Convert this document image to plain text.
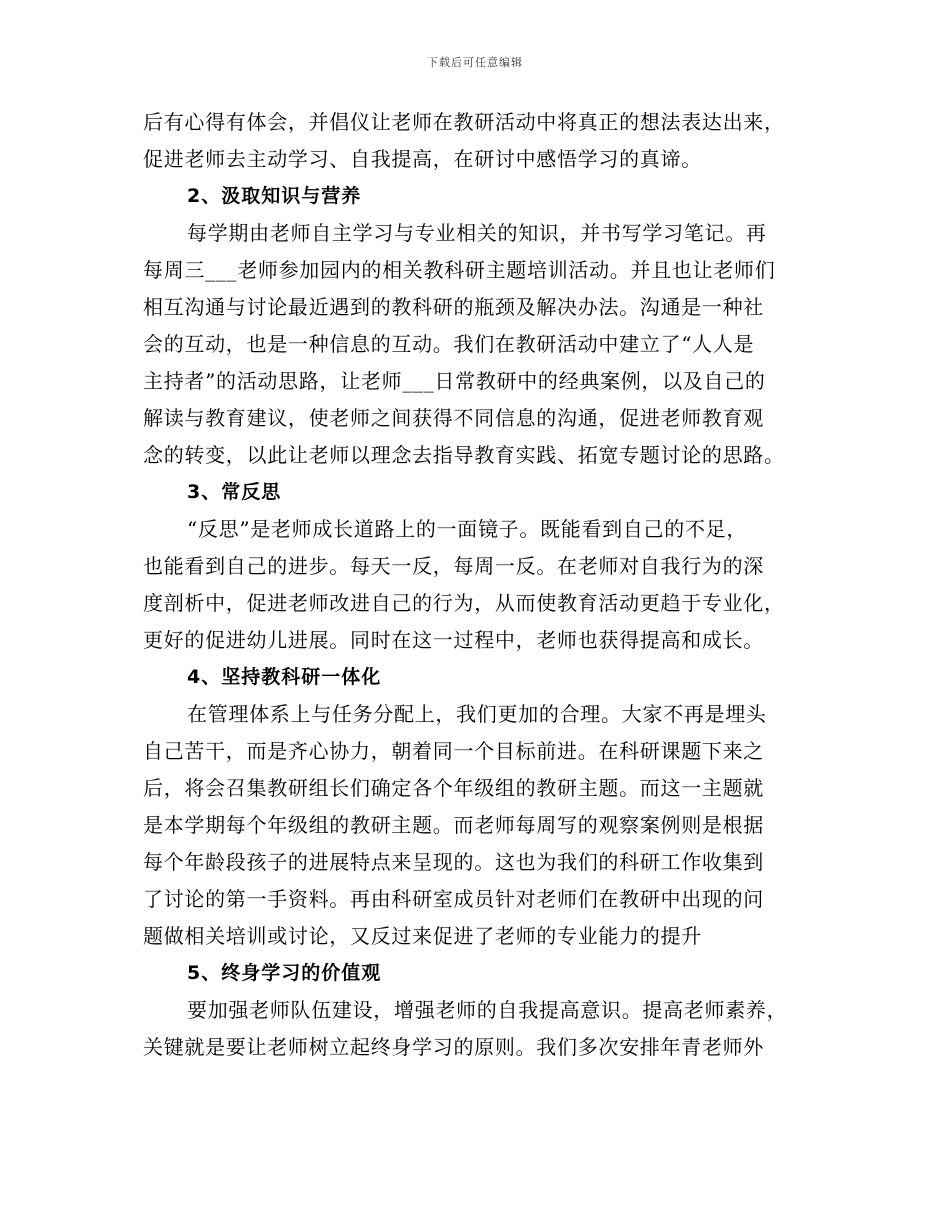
下载后可任意编辑
后有心得有体会，并倡仪让老师在教研活动中将真正的想法表达出来，
促进老师去主动学习、自我提高，在研讨中感悟学习的真谛。
2、汲取知识与营养
每学期由老师自主学习与专业相关的知识，并书写学习笔记。再
每周三___老师参加园内的相关教科研主题培训活动。并且也让老师们
相互沟通与讨论最近遇到的教科研的瓶颈及解决办法。沟通是一种社
会的互动，也是一种信息的互动。我们在教研活动中建立了“人人是
主持者”的活动思路，让老师___日常教研中的经典案例，以及自己的
解读与教育建议，使老师之间获得不同信息的沟通，促进老师教育观
念的转变，以此让老师以理念去指导教育实践、拓宽专题讨论的思路。
3、常反思
“反思”是老师成长道路上的一面镜子。既能看到自己的不足，
也能看到自己的进步。每天一反，每周一反。在老师对自我行为的深
度剖析中，促进老师改进自己的行为，从而使教育活动更趋于专业化，
更好的促进幼儿进展。同时在这一过程中，老师也获得提高和成长。
4、坚持教科研一体化
在管理体系上与任务分配上，我们更加的合理。大家不再是埋头
自己苦干，而是齐心协力，朝着同一个目标前进。在科研课题下来之
后，将会召集教研组长们确定各个年级组的教研主题。而这一主题就
是本学期每个年级组的教研主题。而老师每周写的观察案例则是根据
每个年龄段孩子的进展特点来呈现的。这也为我们的科研工作收集到
了讨论的第一手资料。再由科研室成员针对老师们在教研中出现的问
题做相关培训或讨论，又反过来促进了老师的专业能力的提升
5、终身学习的价值观
要加强老师队伍建设，增强老师的自我提高意识。提高老师素养，
关键就是要让老师树立起终身学习的原则。我们多次安排年青老师外
